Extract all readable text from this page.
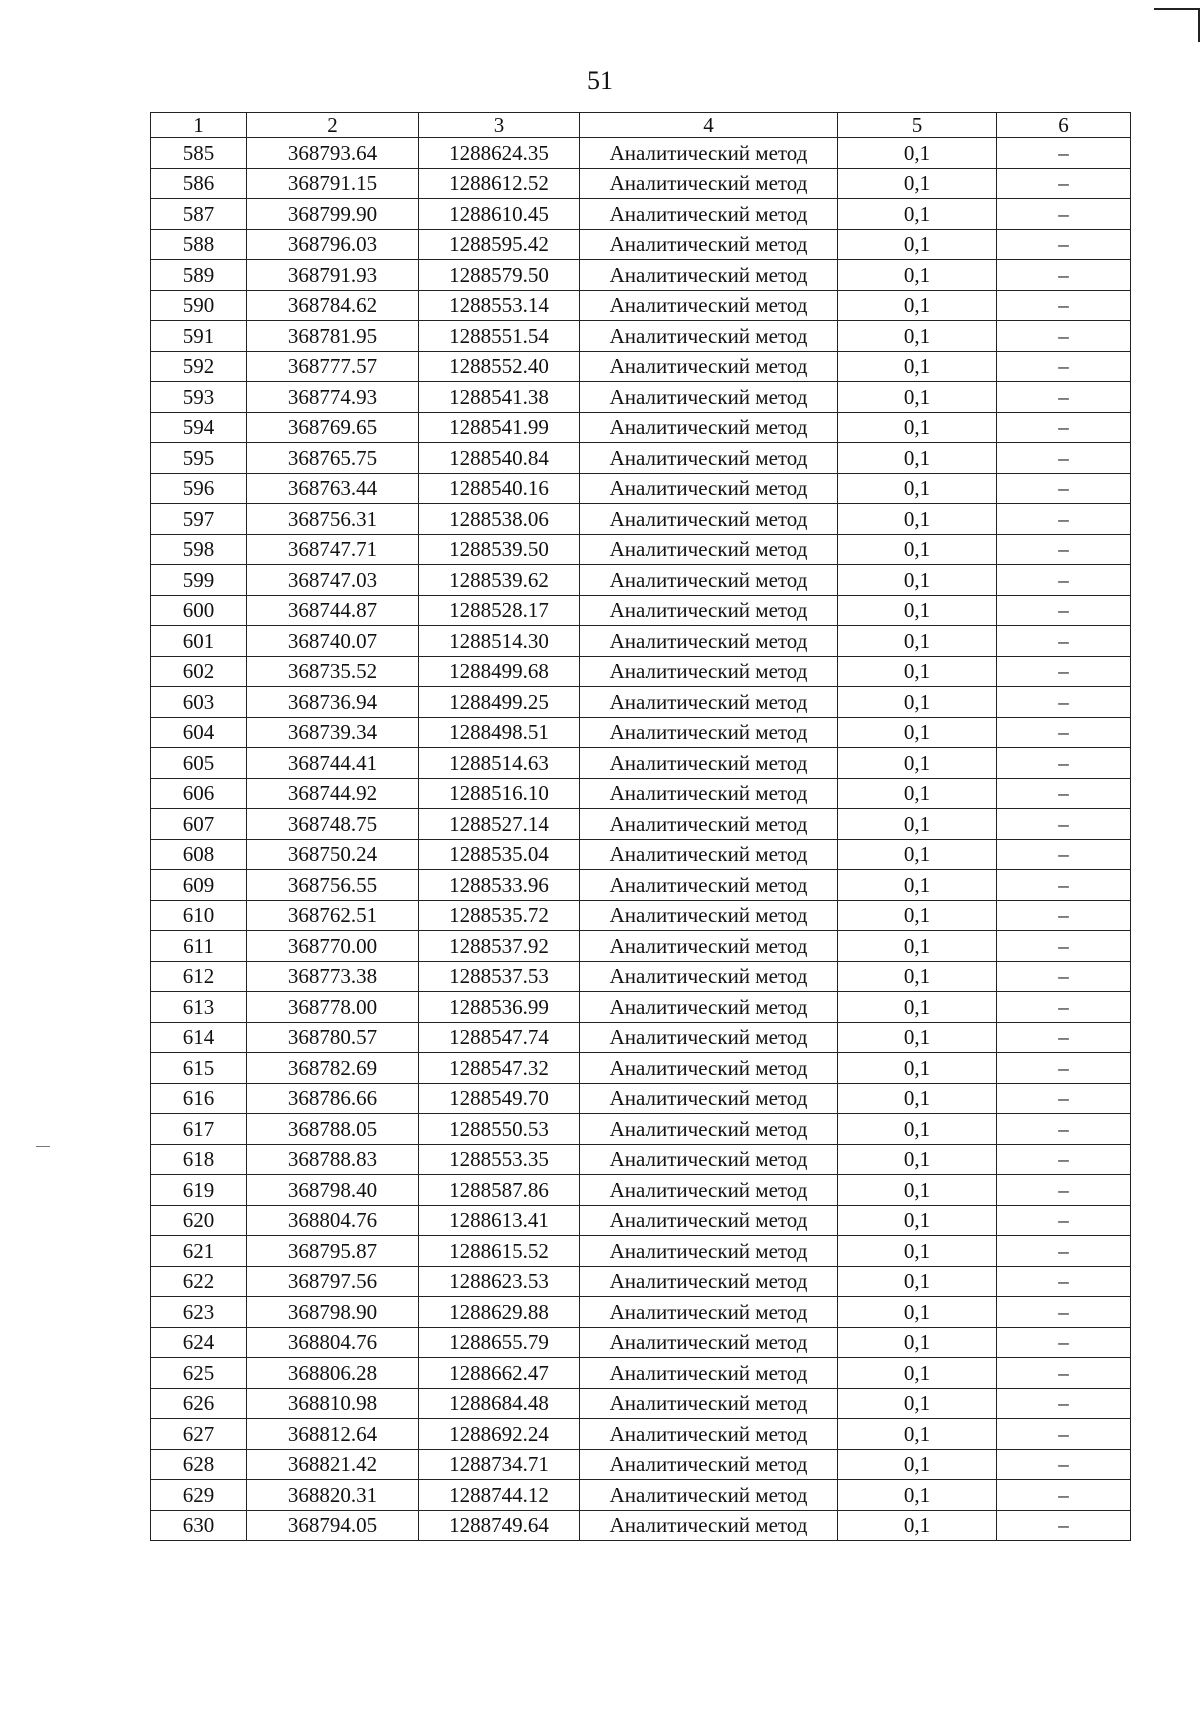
51
1	2	3	4	5	6
585	368793.64	1288624.35	Аналитический метод	0,1	–
586	368791.15	1288612.52	Аналитический метод	0,1	–
587	368799.90	1288610.45	Аналитический метод	0,1	–
588	368796.03	1288595.42	Аналитический метод	0,1	–
589	368791.93	1288579.50	Аналитический метод	0,1	–
590	368784.62	1288553.14	Аналитический метод	0,1	–
591	368781.95	1288551.54	Аналитический метод	0,1	–
592	368777.57	1288552.40	Аналитический метод	0,1	–
593	368774.93	1288541.38	Аналитический метод	0,1	–
594	368769.65	1288541.99	Аналитический метод	0,1	–
595	368765.75	1288540.84	Аналитический метод	0,1	–
596	368763.44	1288540.16	Аналитический метод	0,1	–
597	368756.31	1288538.06	Аналитический метод	0,1	–
598	368747.71	1288539.50	Аналитический метод	0,1	–
599	368747.03	1288539.62	Аналитический метод	0,1	–
600	368744.87	1288528.17	Аналитический метод	0,1	–
601	368740.07	1288514.30	Аналитический метод	0,1	–
602	368735.52	1288499.68	Аналитический метод	0,1	–
603	368736.94	1288499.25	Аналитический метод	0,1	–
604	368739.34	1288498.51	Аналитический метод	0,1	–
605	368744.41	1288514.63	Аналитический метод	0,1	–
606	368744.92	1288516.10	Аналитический метод	0,1	–
607	368748.75	1288527.14	Аналитический метод	0,1	–
608	368750.24	1288535.04	Аналитический метод	0,1	–
609	368756.55	1288533.96	Аналитический метод	0,1	–
610	368762.51	1288535.72	Аналитический метод	0,1	–
611	368770.00	1288537.92	Аналитический метод	0,1	–
612	368773.38	1288537.53	Аналитический метод	0,1	–
613	368778.00	1288536.99	Аналитический метод	0,1	–
614	368780.57	1288547.74	Аналитический метод	0,1	–
615	368782.69	1288547.32	Аналитический метод	0,1	–
616	368786.66	1288549.70	Аналитический метод	0,1	–
617	368788.05	1288550.53	Аналитический метод	0,1	–
618	368788.83	1288553.35	Аналитический метод	0,1	–
619	368798.40	1288587.86	Аналитический метод	0,1	–
620	368804.76	1288613.41	Аналитический метод	0,1	–
621	368795.87	1288615.52	Аналитический метод	0,1	–
622	368797.56	1288623.53	Аналитический метод	0,1	–
623	368798.90	1288629.88	Аналитический метод	0,1	–
624	368804.76	1288655.79	Аналитический метод	0,1	–
625	368806.28	1288662.47	Аналитический метод	0,1	–
626	368810.98	1288684.48	Аналитический метод	0,1	–
627	368812.64	1288692.24	Аналитический метод	0,1	–
628	368821.42	1288734.71	Аналитический метод	0,1	–
629	368820.31	1288744.12	Аналитический метод	0,1	–
630	368794.05	1288749.64	Аналитический метод	0,1	–
